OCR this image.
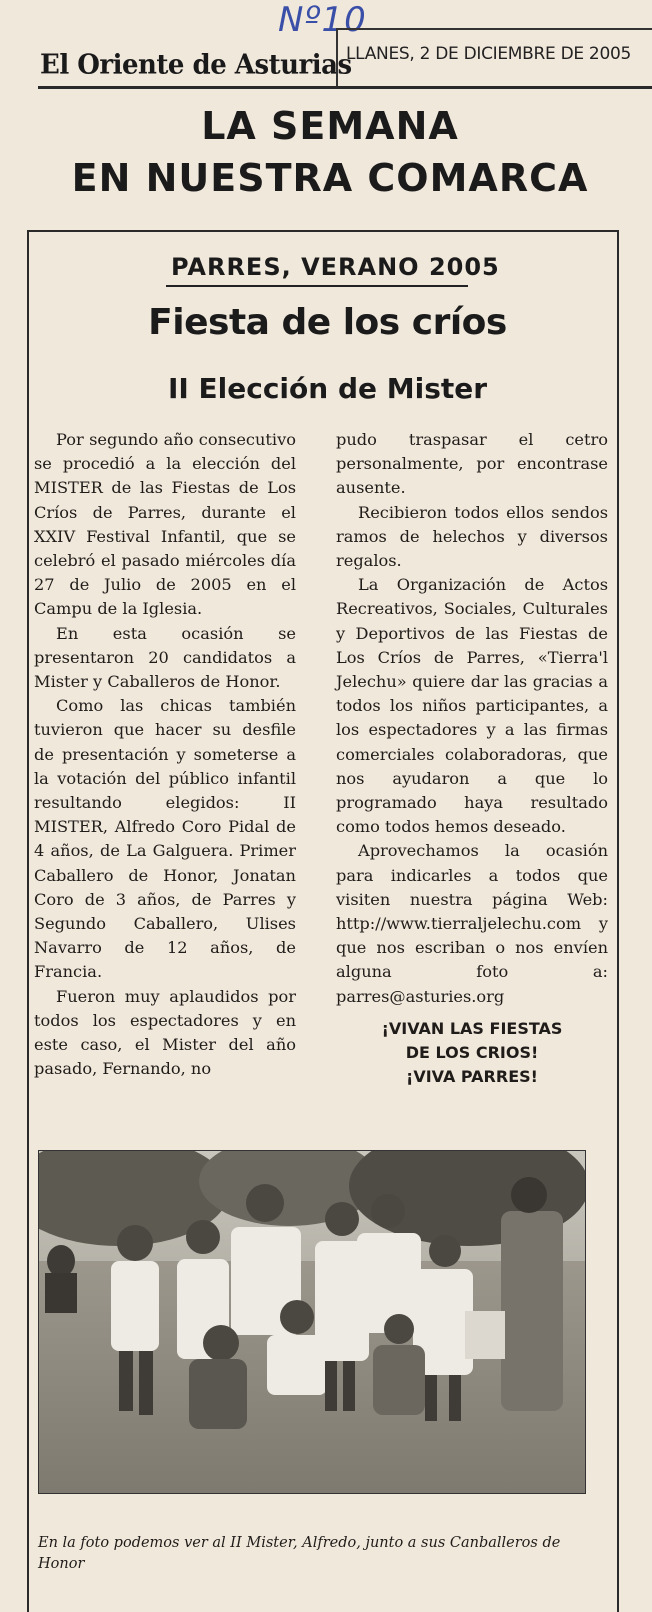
Nº10
El Oriente de Asturias
LLANES, 2 DE DICIEMBRE DE 2005
LA SEMANA
EN NUESTRA COMARCA
PARRES, VERANO 2005
Fiesta de los críos
II Elección de Mister

Por segundo año consecutivo se procedió a la elección del MISTER de las Fiestas de Los Críos de Parres, durante el XXIV Festival Infantil, que se celebró el pasado miércoles día 27 de Julio de 2005 en el Campu de la Iglesia.

En esta ocasión se presentaron 20 candidatos a Mister y Caballeros de Honor.

Como las chicas también tuvieron que hacer su desfile de presentación y someterse a la votación del público infantil resultando elegidos: II MISTER, Alfredo Coro Pidal de 4 años, de La Galguera. Primer Caballero de Honor, Jonatan Coro de 3 años, de Parres y Segundo Caballero, Ulises Navarro de 12 años, de Francia.

Fueron muy aplaudidos por todos los espectadores y en este caso, el Mister del año pasado, Fernando, no

pudo traspasar el cetro personalmente, por encontrase ausente.

Recibieron todos ellos sendos ramos de helechos y diversos regalos.

La Organización de Actos Recreativos, Sociales, Culturales y Deportivos de las Fiestas de Los Críos de Parres, «Tierra'l Jelechu» quiere dar las gracias a todos los niños participantes, a los espectadores y a las firmas comerciales colaboradoras, que nos ayudaron a que lo programado haya resultado como todos hemos deseado.

Aprovechamos la ocasión para indicarles a todos que visiten nuestra página Web: http://www.tierraljelechu.com y que nos escriban o nos envíen alguna foto a: parres@asturies.org

¡VIVAN LAS FIESTAS
DE LOS CRIOS!
¡VIVA PARRES!
En la foto podemos ver al II Mister, Alfredo, junto a sus Canballeros de Honor
